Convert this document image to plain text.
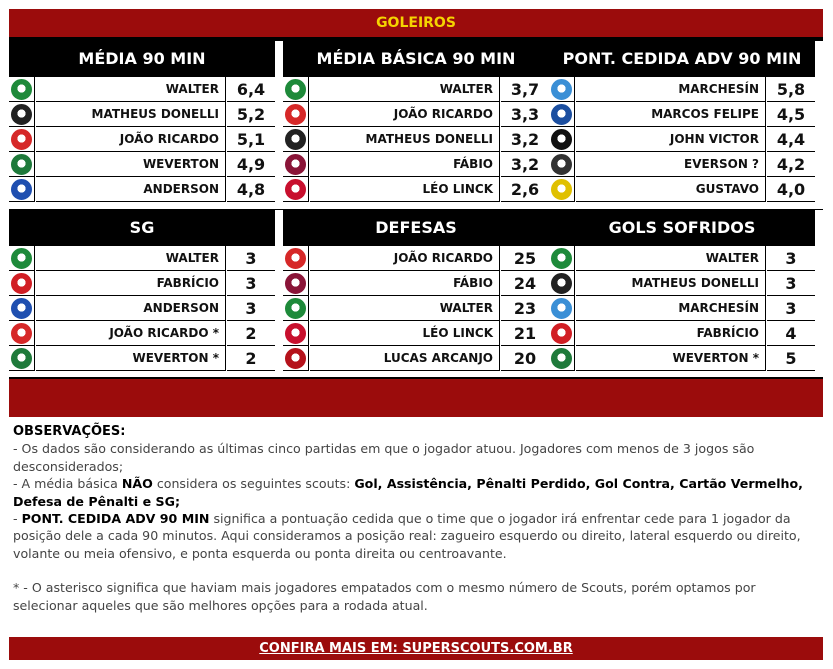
GOLEIROS
MÉDIA 90 MIN
WALTER	6,4
MATHEUS DONELLI	5,2
JOÃO RICARDO	5,1
WEVERTON	4,9
ANDERSON	4,8
MÉDIA BÁSICA 90 MIN
WALTER	3,7
JOÃO RICARDO	3,3
MATHEUS DONELLI	3,2
FÁBIO	3,2
LÉO LINCK	2,6
PONT. CEDIDA ADV 90 MIN
MARCHESÍN	5,8
MARCOS FELIPE	4,5
JOHN VICTOR	4,4
EVERSON ?	4,2
GUSTAVO	4,0
SG
WALTER	3
FABRÍCIO	3
ANDERSON	3
JOÃO RICARDO *	2
WEVERTON *	2
DEFESAS
JOÃO RICARDO	25
FÁBIO	24
WALTER	23
LÉO LINCK	21
LUCAS ARCANJO	20
GOLS SOFRIDOS
WALTER	3
MATHEUS DONELLI	3
MARCHESÍN	3
FABRÍCIO	4
WEVERTON *	5
OBSERVAÇÕES:
- Os dados são considerando as últimas cinco partidas em que o jogador atuou. Jogadores com menos de 3 jogos são desconsiderados;
- A média básica NÃO considera os seguintes scouts: Gol, Assistência, Pênalti Perdido, Gol Contra, Cartão Vermelho, Defesa de Pênalti e SG;
- PONT. CEDIDA ADV 90 MIN significa a pontuação cedida que o time que o jogador irá enfrentar cede para 1 jogador da posição dele a cada 90 minutos. Aqui consideramos a posição real: zagueiro esquerdo ou direito, lateral esquerdo ou direito, volante ou meia ofensivo, e ponta esquerda ou ponta direita ou centroavante.
* - O asterisco significa que haviam mais jogadores empatados com o mesmo número de Scouts, porém optamos por selecionar aqueles que são melhores opções para a rodada atual.
CONFIRA MAIS EM: SUPERSCOUTS.COM.BR
